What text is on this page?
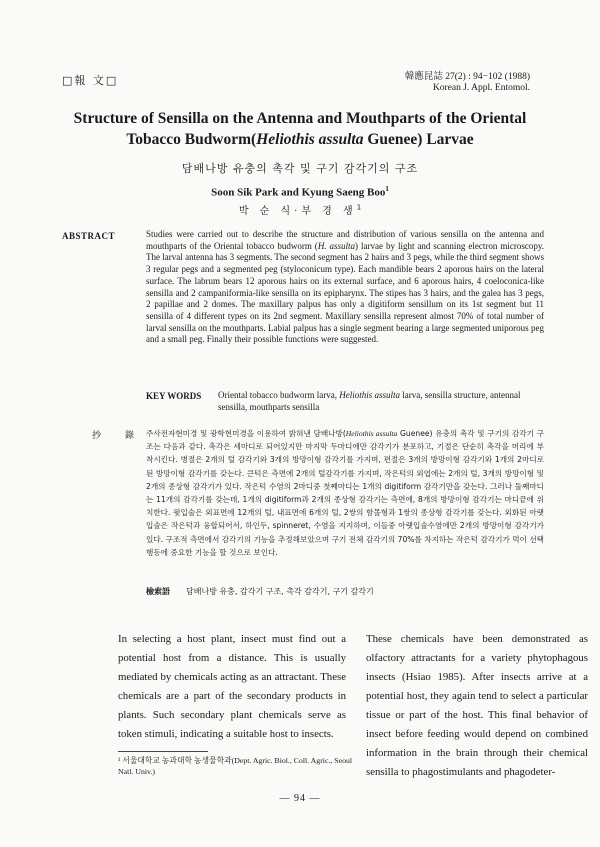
□報 文□	韓應昆誌 27(2) : 94−102 (1988)
Korean J. Appl. Entomol.
Structure of Sensilla on the Antenna and Mouthparts of the Oriental
Tobacco Budworm(Heliothis assulta Guenee) Larvae
담배나방 유충의 촉각 및 구기 감각기의 구조
Soon Sik Park and Kyung Saeng Boo$^1$
박 순 식·부 경 생$^1$
ABSTRACT	Studies were carried out to describe the structure and distribution of various sensilla on the antenna and mouthparts of the Oriental tobacco budworm (H. assulta) larvae by light and scanning electron microscopy. The larval antenna has 3 segments. The second segment has 2 hairs and 3 pegs, while the third segment shows 3 regular pegs and a segmented peg (styloconicum type). Each mandible bears 2 aporous hairs on the lateral surface. The labrum bears 12 aporous hairs on its external surface, and 6 aporous hairs, 4 coeloconica-like sensilla and 2 campaniformia-like sensilla on its epipharynx. The stipes has 3 hairs, and the galea has 3 pegs, 2 papillae and 2 domes. The maxillary palpus has only a digitiform sensillum on its 1st segment but 11 sensilla of 4 different types on its 2nd segment. Maxillary sensilla represent almost 70% of total number of larval sensilla on the mouthparts. Labial palpus has a single segment bearing a large segmented uniporous peg and a small peg. Finally their possible functions were suggested.
KEY WORDS Oriental tobacco budworm larva, Heliothis assulta larva, sensilla structure, antennal sensilla, mouthparts sensilla
抄錄
주사전자현미경 및 광학현미경을 이용하여 밝혀낸 담배나방(Heliothis assulta Guenee) 유충의 촉각 및 구기의 감각기 구조는 다음과 같다. 촉각은 세마디로 되어있지만 마지막 두마디에만 감각기가 분포하고, 기절은 단순히 촉각을 머리에 부착시킨다. 병절은 2개의 털 감각기와 3개의 방망이형 감각기를 가지며, 편절은 3개의 방망이형 감각기와 1개의 2마디로된 방망이형 감각기를 갖는다. 큰턱은 측면에 2개의 털감각기를 가지며, 작은턱의 외엽에는 2개의 털, 3개의 방망이형 및 2개의 종상형 감각기가 있다. 작은턱 수염의 2마디중 첫째마디는 1개의 digitiform 감각기만을 갖는다. 그러나 둘째마디는 11개의 감각기를 갖는데, 1개의 digitiform과 2개의 종상형 감각기는 측면에, 8개의 방망이형 감각기는 마디끝에 위치한다. 윗입술은 외표면에 12개의 털, 내표면에 6개의 털, 2쌍의 함몰형과 1쌍의 종상형 감각기를 갖는다. 외화된 아랫입술은 작은턱과 융합되어서, 하인두, spinneret, 수염을 지지하며, 이들중 아랫입술수염에만 2개의 방망이형 감각기가 있다. 구조적 측면에서 감각기의 기능을 추정해보았으며 구기 전체 감각기의 70%를 차지하는 작은턱 감각기가 먹이 선택 행동에 중요한 기능을 할 것으로 보인다.
檢索語 담배나방 유충, 감각기 구조, 촉각 감각기, 구기 감각기
In selecting a host plant, insect must find out a potential host from a distance. This is usually mediated by chemicals acting as an attractant. These chemicals are a part of the secondary products in plants. Such secondary plant chemicals serve as token stimuli, indicating a suitable host to insects.
These chemicals have been demonstrated as olfactory attractants for a variety phytophagous insects (Hsiao 1985). After insects arrive at a potential host, they again tend to select a particular tissue or part of the host. This final behavior of insect before feeding would depend on combined information in the brain through their chemical sensilla to phagostimulants and phagodeter-
¹ 서울대학교 농과대학 농생물학과(Dept. Agric. Biol., Coll. Agric., Seoul Natl. Univ.)
— 94 —
